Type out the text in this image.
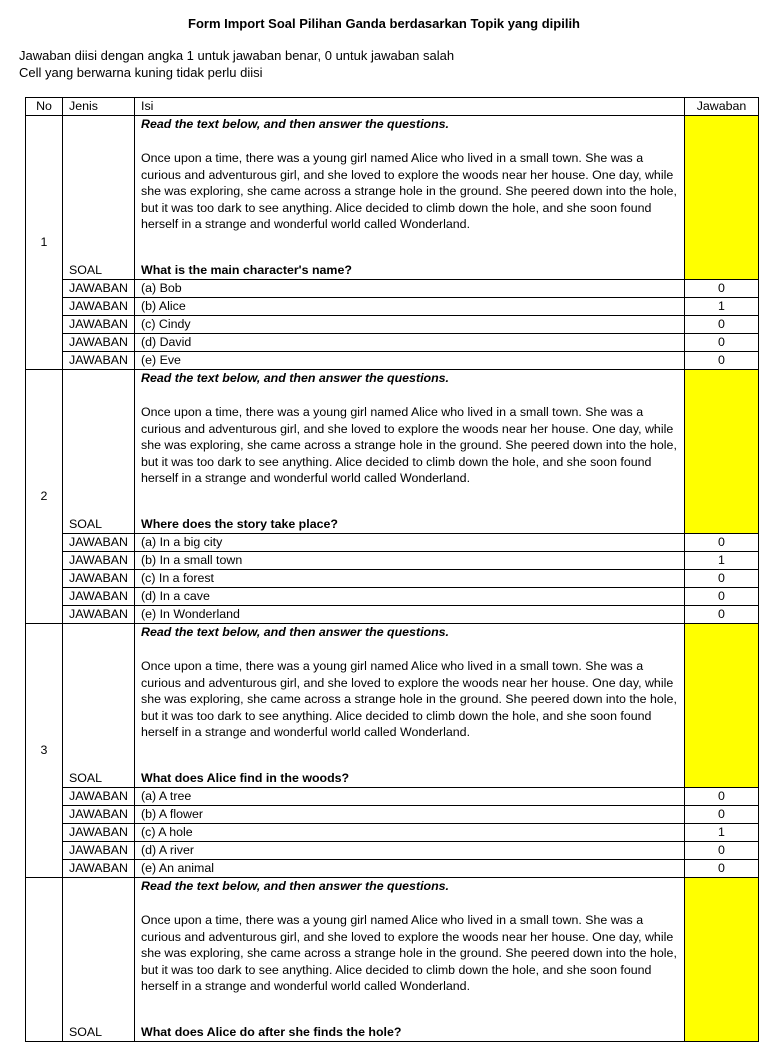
Form Import Soal Pilihan Ganda berdasarkan Topik yang dipilih
Jawaban diisi dengan angka 1 untuk jawaban benar, 0 untuk jawaban salah
Cell yang berwarna kuning tidak perlu diisi
No	Jenis	Isi	Jawaban
1	SOAL	Read the text below, and then answer the questions.
Once upon a time, there was a young girl named Alice who lived in a small town. She was a curious and adventurous girl, and she loved to explore the woods near her house. One day, while she was exploring, she came across a strange hole in the ground. She peered down into the hole, but it was too dark to see anything. Alice decided to climb down the hole, and she soon found herself in a strange and wonderful world called Wonderland.
What is the main character's name?	

	JAWABAN	(a) Bob	0
	JAWABAN	(b) Alice	1
	JAWABAN	(c) Cindy	0
	JAWABAN	(d) David	0
	JAWABAN	(e) Eve	0
2	SOAL	Read the text below, and then answer the questions.
Once upon a time, there was a young girl named Alice who lived in a small town. She was a curious and adventurous girl, and she loved to explore the woods near her house. One day, while she was exploring, she came across a strange hole in the ground. She peered down into the hole, but it was too dark to see anything. Alice decided to climb down the hole, and she soon found herself in a strange and wonderful world called Wonderland.
Where does the story take place?	

	JAWABAN	(a) In a big city	0
	JAWABAN	(b) In a small town	1
	JAWABAN	(c) In a forest	0
	JAWABAN	(d) In a cave	0
	JAWABAN	(e) In Wonderland	0
3	SOAL	Read the text below, and then answer the questions.
Once upon a time, there was a young girl named Alice who lived in a small town. She was a curious and adventurous girl, and she loved to explore the woods near her house. One day, while she was exploring, she came across a strange hole in the ground. She peered down into the hole, but it was too dark to see anything. Alice decided to climb down the hole, and she soon found herself in a strange and wonderful world called Wonderland.
What does Alice find in the woods?	

	JAWABAN	(a) A tree	0
	JAWABAN	(b) A flower	0
	JAWABAN	(c) A hole	1
	JAWABAN	(d) A river	0
	JAWABAN	(e) An animal	0
	SOAL	Read the text below, and then answer the questions.
Once upon a time, there was a young girl named Alice who lived in a small town. She was a curious and adventurous girl, and she loved to explore the woods near her house. One day, while she was exploring, she came across a strange hole in the ground. She peered down into the hole, but it was too dark to see anything. Alice decided to climb down the hole, and she soon found herself in a strange and wonderful world called Wonderland.
What does Alice do after she finds the hole?	
